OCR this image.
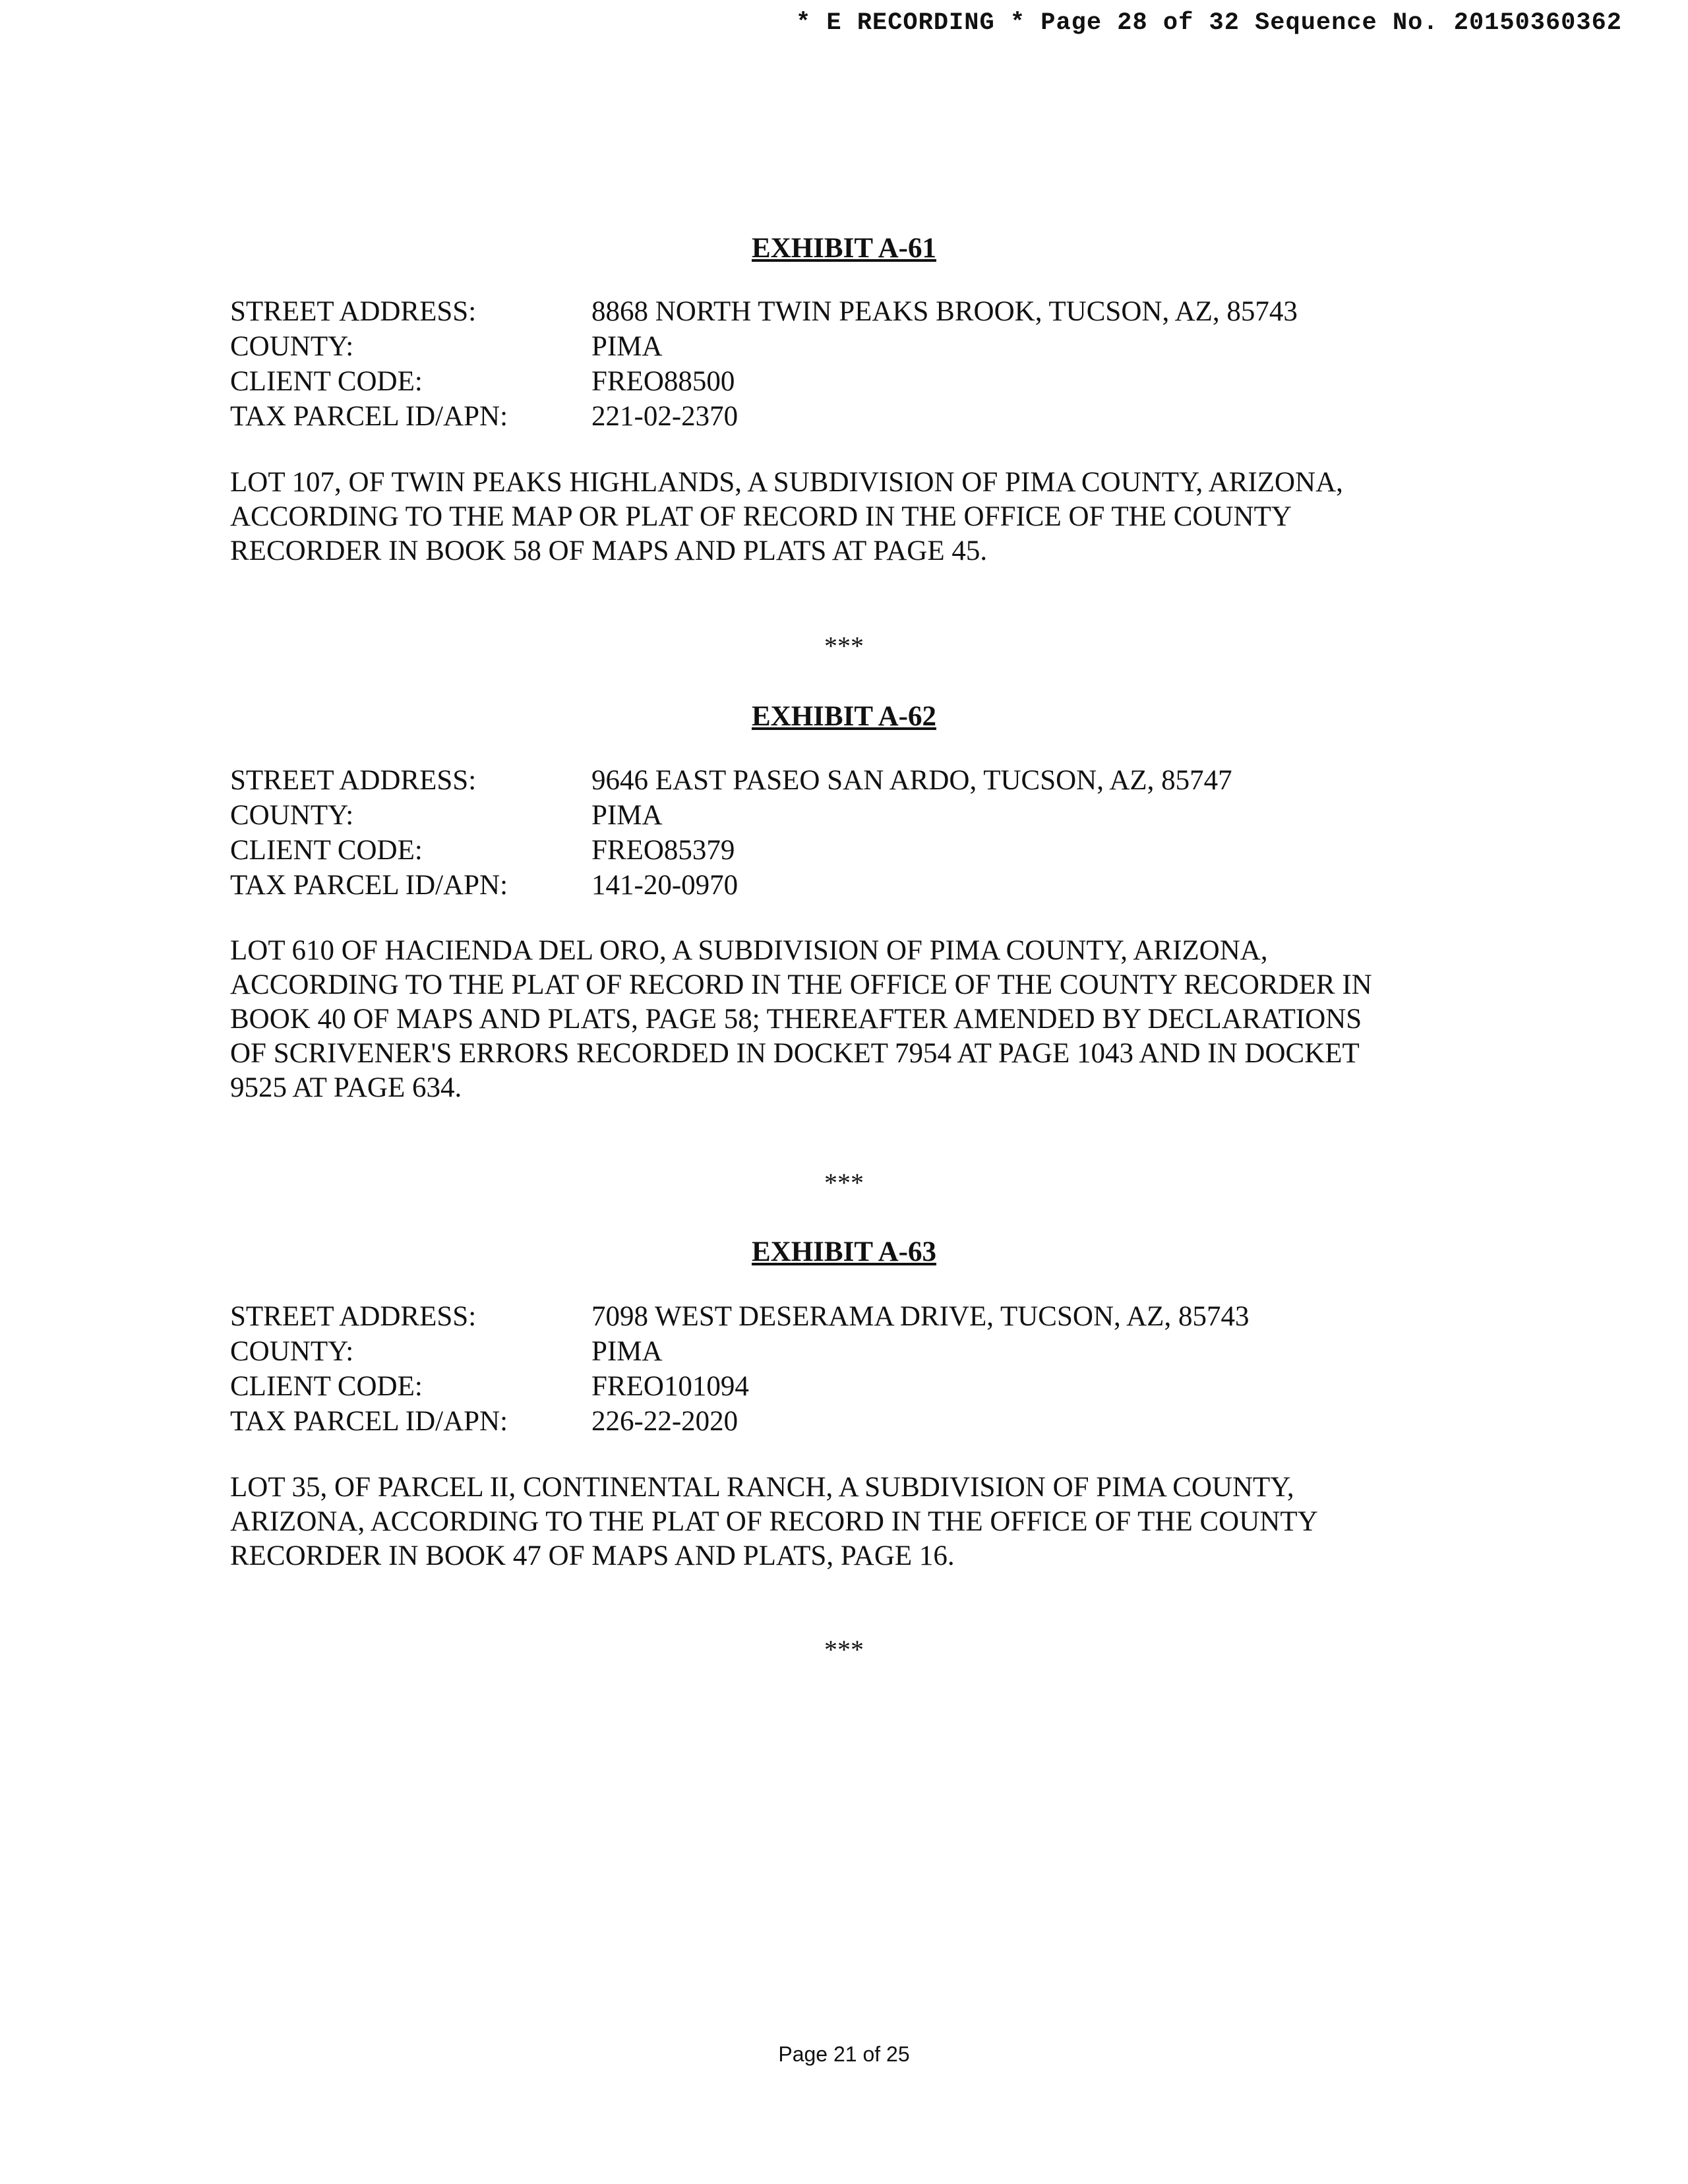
* E RECORDING * Page 28 of 32 Sequence No. 20150360362
EXHIBIT A-61
STREET ADDRESS:	8868 NORTH TWIN PEAKS BROOK, TUCSON, AZ, 85743
COUNTY:	PIMA
CLIENT CODE:	FREO88500
TAX PARCEL ID/APN:	221-02-2370
LOT 107, OF TWIN PEAKS HIGHLANDS, A SUBDIVISION OF PIMA COUNTY, ARIZONA,
ACCORDING TO THE MAP OR PLAT OF RECORD IN THE OFFICE OF THE COUNTY
RECORDER IN BOOK 58 OF MAPS AND PLATS AT PAGE 45.
***
EXHIBIT A-62
STREET ADDRESS:	9646 EAST PASEO SAN ARDO, TUCSON, AZ, 85747
COUNTY:	PIMA
CLIENT CODE:	FREO85379
TAX PARCEL ID/APN:	141-20-0970
LOT 610 OF HACIENDA DEL ORO, A SUBDIVISION OF PIMA COUNTY, ARIZONA,
ACCORDING TO THE PLAT OF RECORD IN THE OFFICE OF THE COUNTY RECORDER IN
BOOK 40 OF MAPS AND PLATS, PAGE 58; THEREAFTER AMENDED BY DECLARATIONS
OF SCRIVENER'S ERRORS RECORDED IN DOCKET 7954 AT PAGE 1043 AND IN DOCKET
9525 AT PAGE 634.
***
EXHIBIT A-63
STREET ADDRESS:	7098 WEST DESERAMA DRIVE, TUCSON, AZ, 85743
COUNTY:	PIMA
CLIENT CODE:	FREO101094
TAX PARCEL ID/APN:	226-22-2020
LOT 35, OF PARCEL II, CONTINENTAL RANCH, A SUBDIVISION OF PIMA COUNTY,
ARIZONA, ACCORDING TO THE PLAT OF RECORD IN THE OFFICE OF THE COUNTY
RECORDER IN BOOK 47 OF MAPS AND PLATS, PAGE 16.
***
Page 21 of 25
